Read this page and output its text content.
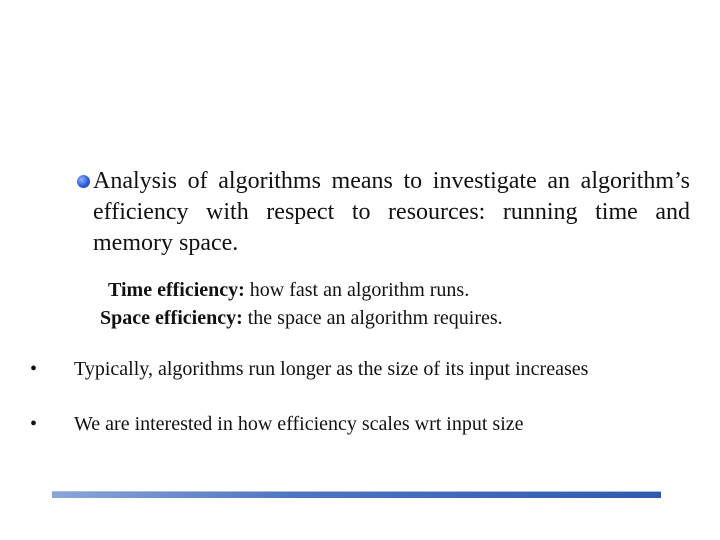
Analysis of algorithms means to investigate an algorithm’s efficiency with respect to resources: running time and memory space.

Time efficiency: how fast an algorithm runs.

Space efficiency: the space an algorithm requires.

• Typically, algorithms run longer as the size of its input increases
• We are interested in how efficiency scales wrt input size
